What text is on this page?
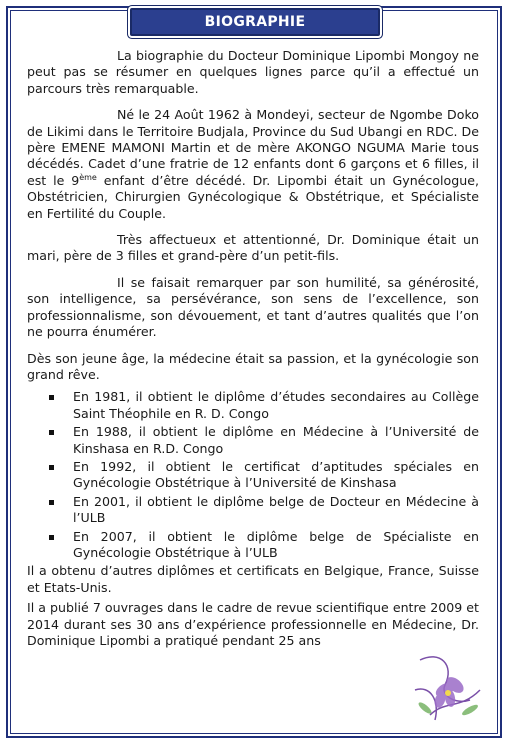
BIOGRAPHIE

La biographie du Docteur Dominique Lipombi Mongoy ne peut pas se résumer en quelques lignes parce qu’il a effectué un parcours très remarquable.

Né le 24 Août 1962 à Mondeyi, secteur de Ngombe Doko de Likimi dans le Territoire Budjala, Province du Sud Ubangi en RDC. De père EMENE MAMONI Martin et de mère AKONGO NGUMA Marie tous décédés. Cadet d’une fratrie de 12 enfants dont 6 garçons et 6 filles, il est le 9ème enfant d’être décédé. Dr. Lipombi était un Gynécologue, Obstétricien, Chirurgien Gynécologique & Obstétrique, et Spécialiste en Fertilité du Couple.

Très affectueux et attentionné, Dr. Dominique était un mari, père de 3 filles et grand-père d’un petit-fils.

Il se faisait remarquer par son humilité, sa générosité, son intelligence, sa persévérance, son sens de l’excellence, son professionnalisme, son dévouement, et tant d’autres qualités que l’on ne pourra énumérer.

Dès son jeune âge, la médecine était sa passion, et la gynécologie son grand rêve.

En 1981, il obtient le diplôme d’études secondaires au Collège Saint Théophile en R. D. Congo
En 1988, il obtient le diplôme en Médecine à l’Université de Kinshasa en R.D. Congo
En 1992, il obtient le certificat d’aptitudes spéciales en Gynécologie Obstétrique à l’Université de Kinshasa
En 2001, il obtient le diplôme belge de Docteur en Médecine à l’ULB
En 2007, il obtient le diplôme belge de Spécialiste en Gynécologie Obstétrique à l’ULB

Il a obtenu d’autres diplômes et certificats en Belgique, France, Suisse et Etats-Unis.

Il a publié 7 ouvrages dans le cadre de revue scientifique entre 2009 et 2014 durant ses 30 ans d’expérience professionnelle en Médecine, Dr. Dominique Lipombi a pratiqué pendant 25 ans
